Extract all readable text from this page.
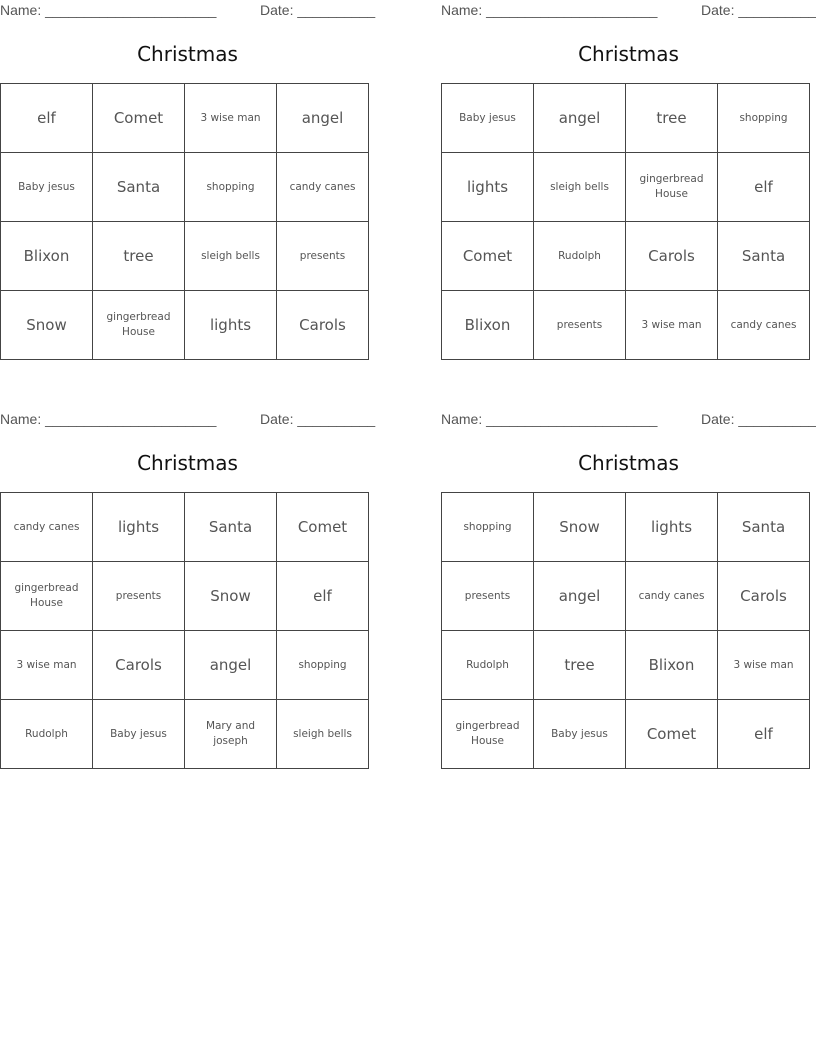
Name: ______________________	Date: __________
Christmas
elf	Comet	3 wise man	angel
Baby jesus	Santa	shopping	candy canes
Blixon	tree	sleigh bells	presents
Snow	gingerbread House	lights	Carols
Name: ______________________	Date: __________
Christmas
Baby jesus	angel	tree	shopping
lights	sleigh bells	gingerbread House	elf
Comet	Rudolph	Carols	Santa
Blixon	presents	3 wise man	candy canes
Name: ______________________	Date: __________
Christmas
candy canes	lights	Santa	Comet
gingerbread House	presents	Snow	elf
3 wise man	Carols	angel	shopping
Rudolph	Baby jesus	Mary and joseph	sleigh bells
Name: ______________________	Date: __________
Christmas
shopping	Snow	lights	Santa
presents	angel	candy canes	Carols
Rudolph	tree	Blixon	3 wise man
gingerbread House	Baby jesus	Comet	elf
